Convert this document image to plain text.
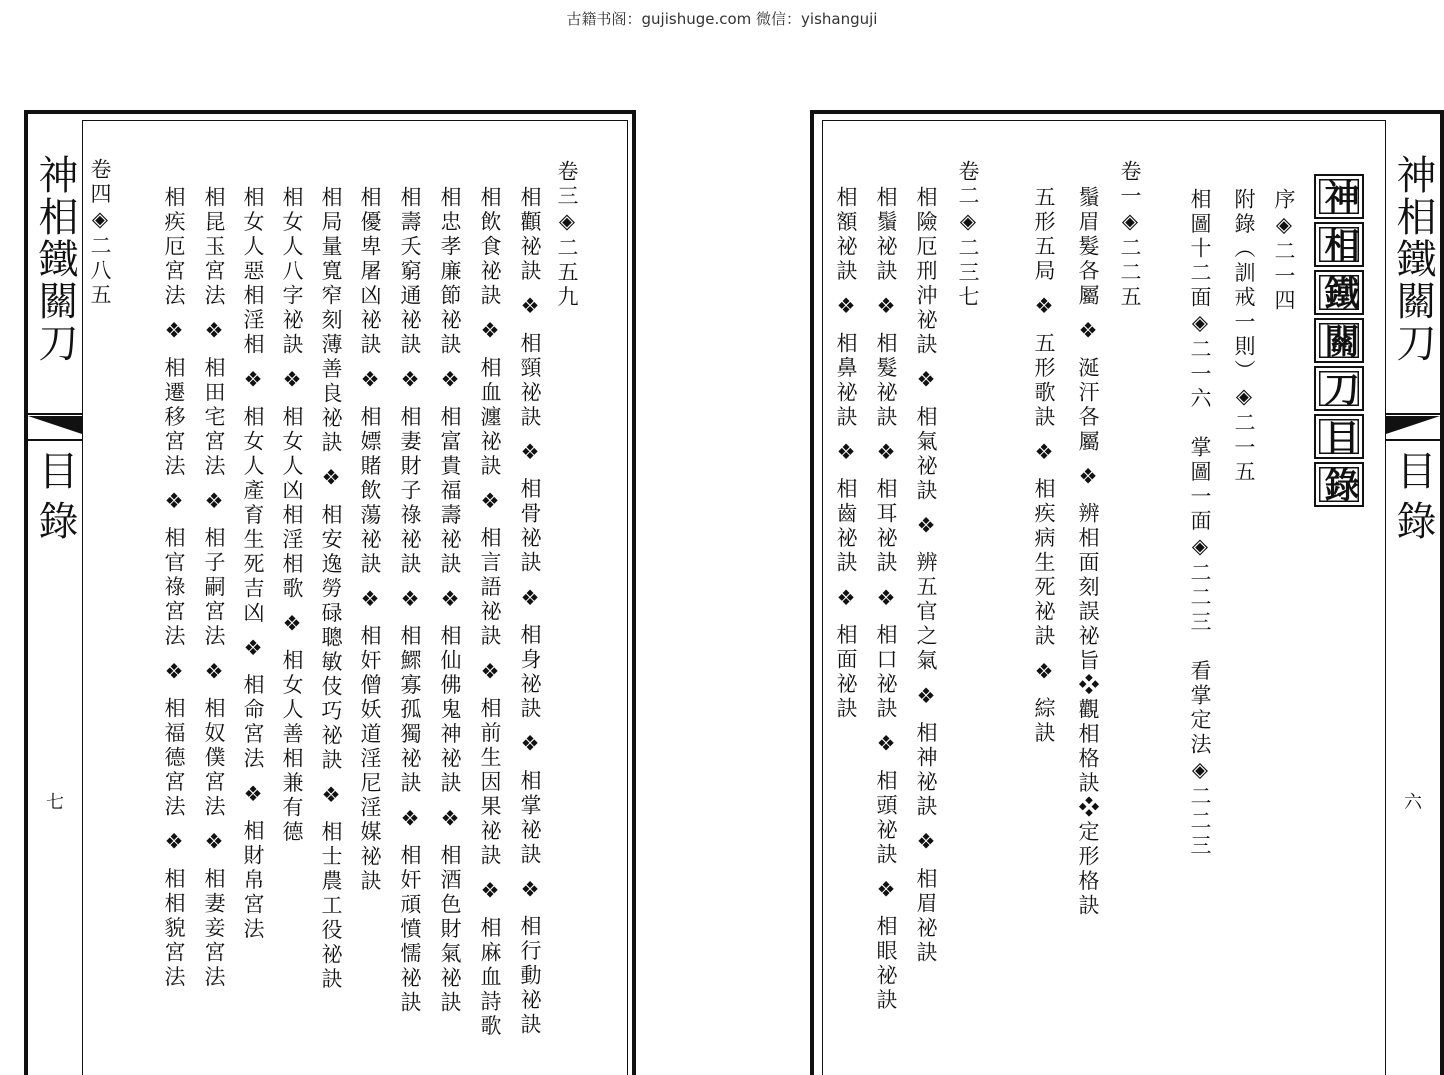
古籍书阁：gujishuge.com 微信：yishanguji
神相鐵關刀
目錄
七
卷三◈二五九
相顴祕訣 ❖ 相頸祕訣 ❖ 相骨祕訣 ❖ 相身祕訣 ❖ 相掌祕訣 ❖ 相行動祕訣
相飲食祕訣 ❖ 相血瀍祕訣 ❖ 相言語祕訣 ❖ 相前生因果祕訣 ❖ 相麻血詩歌
相忠孝廉節祕訣 ❖ 相富貴福壽祕訣 ❖ 相仙佛鬼神祕訣 ❖ 相酒色財氣祕訣
相壽夭窮通祕訣 ❖ 相妻財子祿祕訣 ❖ 相鰥寡孤獨祕訣 ❖ 相奸頑憤懦祕訣
相優卑屠凶祕訣 ❖ 相嫖賭飲蕩祕訣 ❖ 相奸僧妖道淫尼淫媒祕訣
相局量寬窄刻薄善良祕訣 ❖ 相安逸勞碌聰敏伎巧祕訣 ❖ 相士農工役祕訣
相女人八字祕訣 ❖ 相女人凶相淫相歌 ❖ 相女人善相兼有德
相女人惡相淫相 ❖ 相女人產育生死吉凶 ❖ 相命宮法 ❖ 相財帛宮法
相昆玉宮法 ❖ 相田宅宮法 ❖ 相子嗣宮法 ❖ 相奴僕宮法 ❖ 相妻妾宮法
相疾厄宮法 ❖ 相遷移宮法 ❖ 相官祿宮法 ❖ 相福德宮法 ❖ 相相貌宮法
卷四◈二八五	神相鐵關刀
目錄
六
神相鐵關刀目錄
序◈二一四
附錄（訓戒一則）◈二一五
相圖十二面◈二一六　掌圖一面◈二二三　看掌定法◈二二三
卷一◈二二五
鬚眉髮各屬 ❖ 涎汗各屬 ❖ 辨相面刻誤祕旨❖觀相格訣❖定形格訣
五形五局 ❖ 五形歌訣 ❖ 相疾病生死祕訣 ❖ 綜訣
卷二◈二三七
相險厄刑沖祕訣 ❖ 相氣祕訣 ❖ 辨五官之氣 ❖ 相神祕訣 ❖ 相眉祕訣
相鬚祕訣 ❖ 相髮祕訣 ❖ 相耳祕訣 ❖ 相口祕訣 ❖ 相頭祕訣 ❖ 相眼祕訣
相額祕訣 ❖ 相鼻祕訣 ❖ 相齒祕訣 ❖ 相面祕訣
